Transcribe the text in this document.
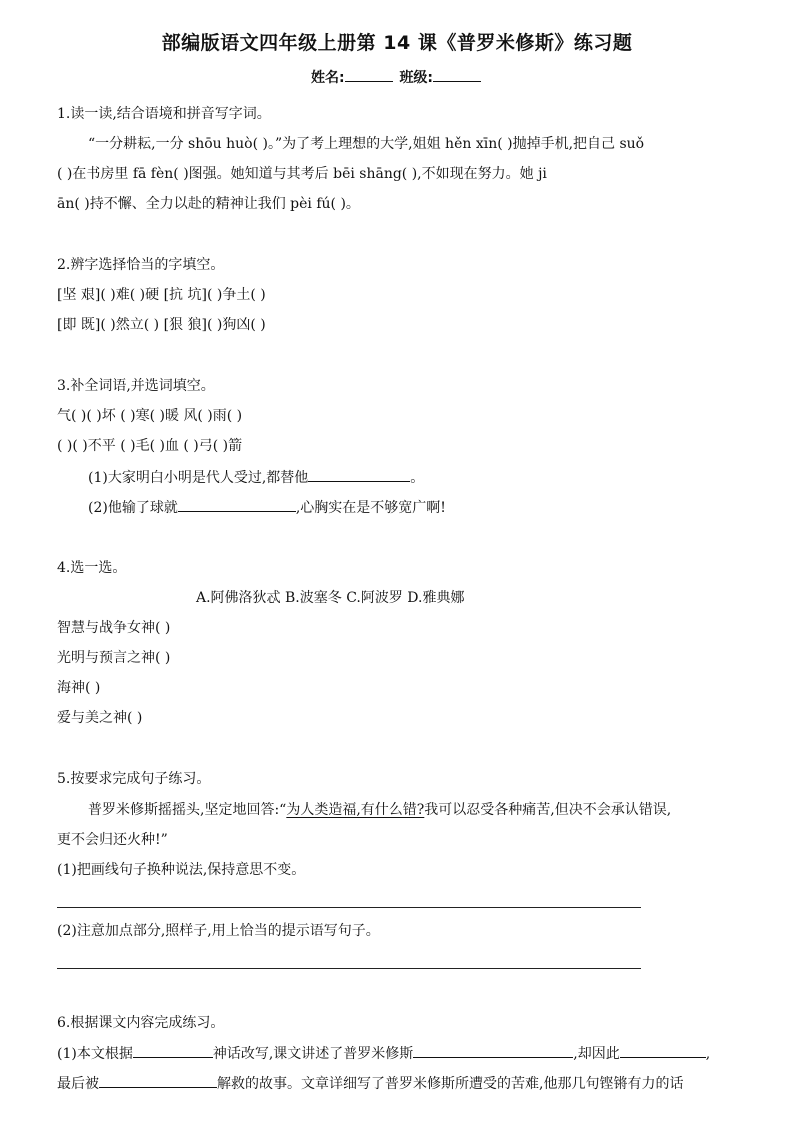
部编版语文四年级上册第 14 课《普罗米修斯》练习题
姓名:	班级:
1.读一读,结合语境和拼音写字词。
“一分耕耘,一分 shōu huò( )。”为了考上理想的大学,姐姐 hěn xīn( )抛掉手机,把自己 suǒ
( )在书房里 fā fèn( )图强。她知道与其考后 bēi shāng( ),不如现在努力。她 ji
ān( )持不懈、全力以赴的精神让我们 pèi fú( )。
2.辨字选择恰当的字填空。
[坚 艰]( )难( )硬 [抗 坑]( )争土( )
[即 既]( )然立( ) [狠 狼]( )狗凶( )
3.补全词语,并选词填空。
气( )( )坏 ( )寒( )暖 风( )雨( )
( )( )不平 ( )毛( )血 ( )弓( )箭
(1)大家明白小明是代人受过,都替他	。
(2)他输了球就	,心胸实在是不够宽广啊!
4.选一选。
A.阿佛洛狄忒 B.波塞冬 C.阿波罗 D.雅典娜
智慧与战争女神( )
光明与预言之神( )
海神( )
爱与美之神( )
5.按要求完成句子练习。
普罗米修斯摇摇头,坚定地回答:“为人类造福,有什么错?我可以忍受各种痛苦,但决不会承认错误,
更不会归还火种!”
(1)把画线句子换种说法,保持意思不变。
(2)注意加点部分,照样子,用上恰当的提示语写句子。
6.根据课文内容完成练习。
(1)本文根据	神话改写,课文讲述了普罗米修斯	,却因此	,
最后被	解救的故事。文章详细写了普罗米修斯所遭受的苦难,他那几句铿锵有力的话
